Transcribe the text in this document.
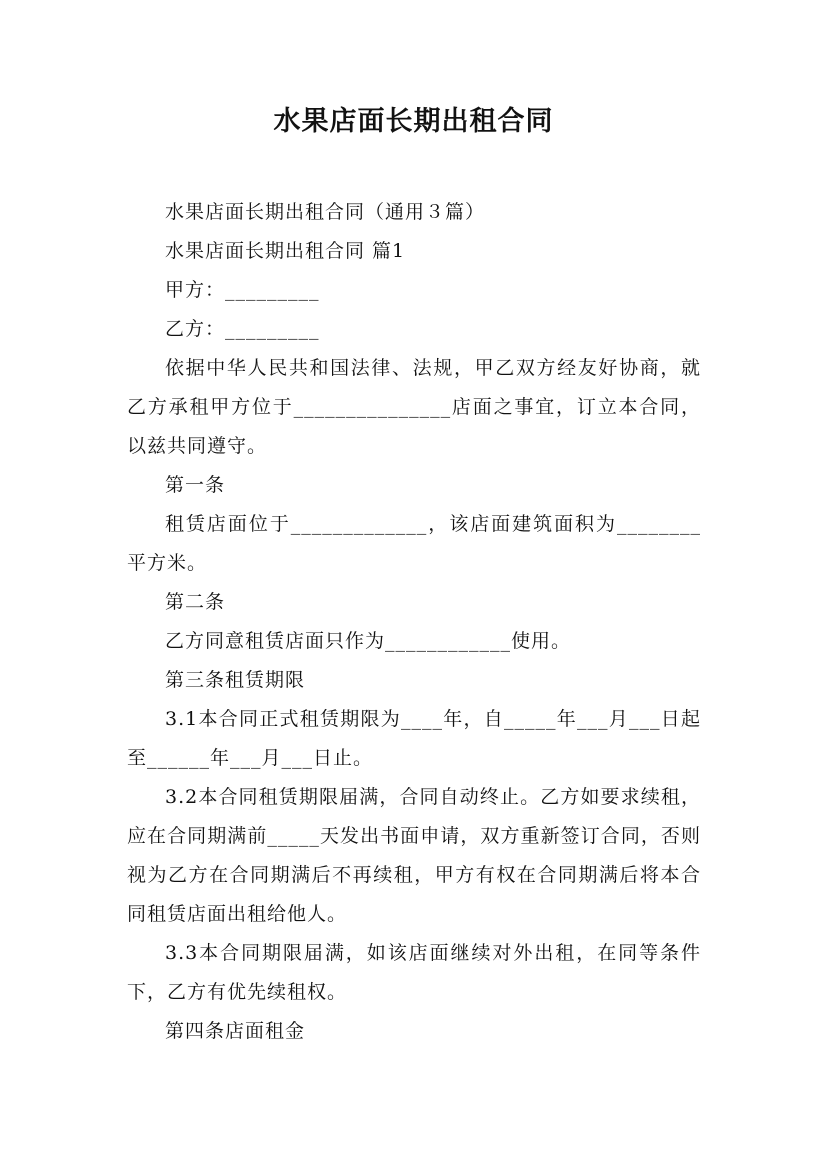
水果店面长期出租合同

水果店面长期出租合同（通用３篇）

水果店面长期出租合同 篇1

甲方：_________

乙方：_________

依据中华人民共和国法律、法规，甲乙双方经友好协商，就乙方承租甲方位于_______________店面之事宜，订立本合同，以兹共同遵守。

第一条

租赁店面位于_____________，该店面建筑面积为________平方米。

第二条

乙方同意租赁店面只作为____________使用。

第三条租赁期限

3.1本合同正式租赁期限为____年，自_____年___月___日起至______年___月___日止。

3.2本合同租赁期限届满，合同自动终止。乙方如要求续租，应在合同期满前_____天发出书面申请，双方重新签订合同，否则视为乙方在合同期满后不再续租，甲方有权在合同期满后将本合同租赁店面出租给他人。

3.3本合同期限届满，如该店面继续对外出租，在同等条件下，乙方有优先续租权。

第四条店面租金
